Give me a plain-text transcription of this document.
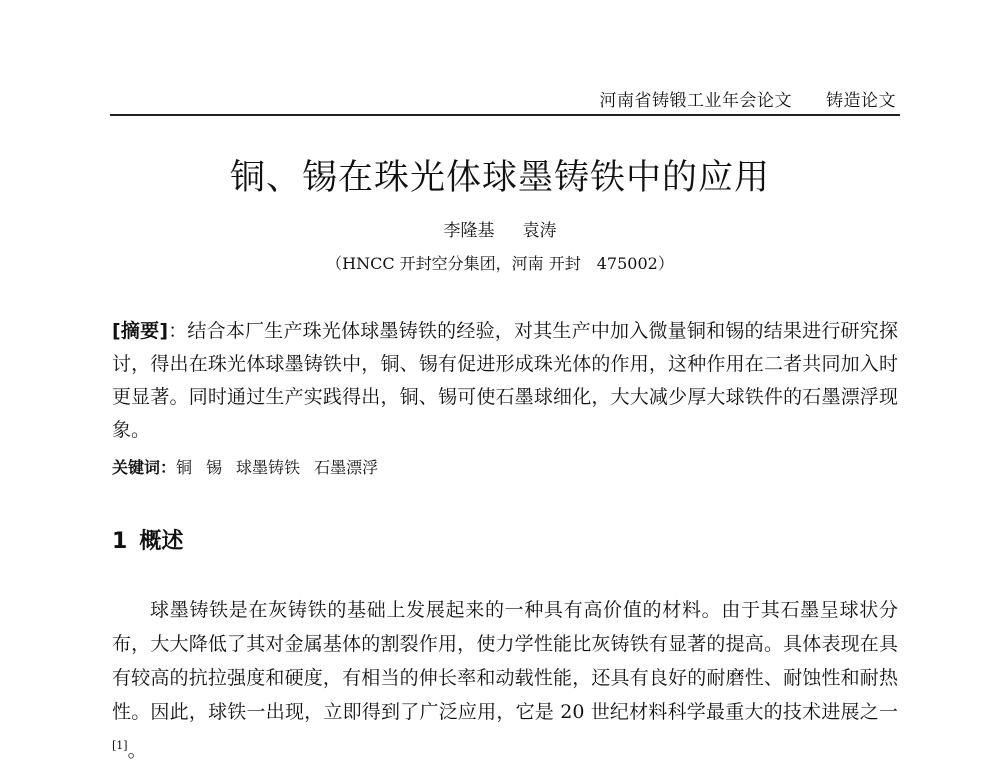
河南省铸锻工业年会论文 铸造论文
铜、锡在珠光体球墨铸铁中的应用
李隆基 袁涛
（HNCC 开封空分集团，河南 开封　475002）
[摘要]：结合本厂生产珠光体球墨铸铁的经验，对其生产中加入微量铜和锡的结果进行研究探讨，得出在珠光体球墨铸铁中，铜、锡有促进形成珠光体的作用，这种作用在二者共同加入时更显著。同时通过生产实践得出，铜、锡可使石墨球细化，大大减少厚大球铁件的石墨漂浮现象。
关键词：铜 锡 球墨铸铁 石墨漂浮
1 概述
球墨铸铁是在灰铸铁的基础上发展起来的一种具有高价值的材料。由于其石墨呈球状分布，大大降低了其对金属基体的割裂作用，使力学性能比灰铸铁有显著的提高。具体表现在具有较高的抗拉强度和硬度，有相当的伸长率和动载性能，还具有良好的耐磨性、耐蚀性和耐热性。因此，球铁一出现，立即得到了广泛应用，它是 20 世纪材料科学最重大的技术进展之一[1]。
